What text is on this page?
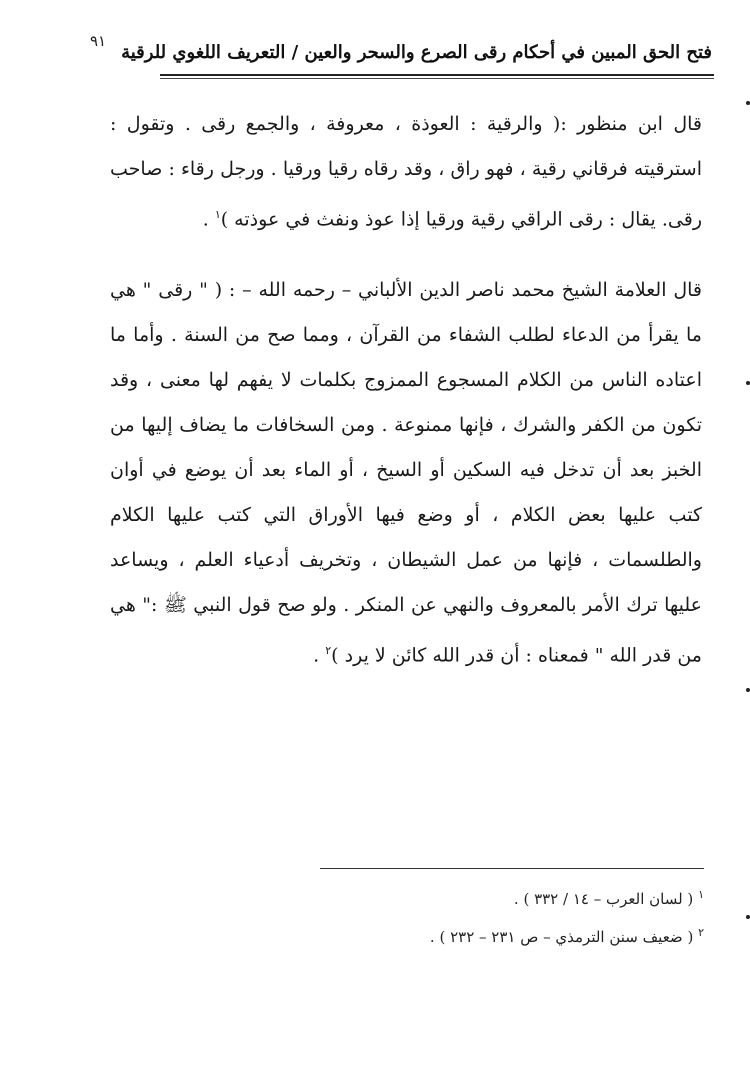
٩١
فتح الحق المبين في أحكام رقى الصرع والسحر والعين / التعريف اللغوي للرقية
قال ابن منظور :( والرقية : العوذة ، معروفة ، والجمع رقى . وتقول : استرقيته فرقاني رقية ، فهو راق ، وقد رقاه رقيا ورقيا . ورجل رقاء : صاحب رقى. يقال : رقى الراقي رقية ورقيا إذا عوذ ونفث في عوذته )$^١$ .
قال العلامة الشيخ محمد ناصر الدين الألباني – رحمه الله – : ( " رقى " هي ما يقرأ من الدعاء لطلب الشفاء من القرآن ، ومما صح من السنة . وأما ما اعتاده الناس من الكلام المسجوع الممزوج بكلمات لا يفهم لها معنى ، وقد تكون من الكفر والشرك ، فإنها ممنوعة . ومن السخافات ما يضاف إليها من الخبز بعد أن تدخل فيه السكين أو السيخ ، أو الماء بعد أن يوضع في أوان كتب عليها بعض الكلام ، أو وضع فيها الأوراق التي كتب عليها الكلام والطلسمات ، فإنها من عمل الشيطان ، وتخريف أدعياء العلم ، ويساعد عليها ترك الأمر بالمعروف والنهي عن المنكر . ولو صح قول النبي ﷺ :" هي من قدر الله " فمعناه : أن قدر الله كائن لا يرد )$^٢$ .
$^١$ ( لسان العرب – ١٤ / ٣٣٢ ) .
$^٢$ ( ضعيف سنن الترمذي – ص ٢٣١ – ٢٣٢ ) .
